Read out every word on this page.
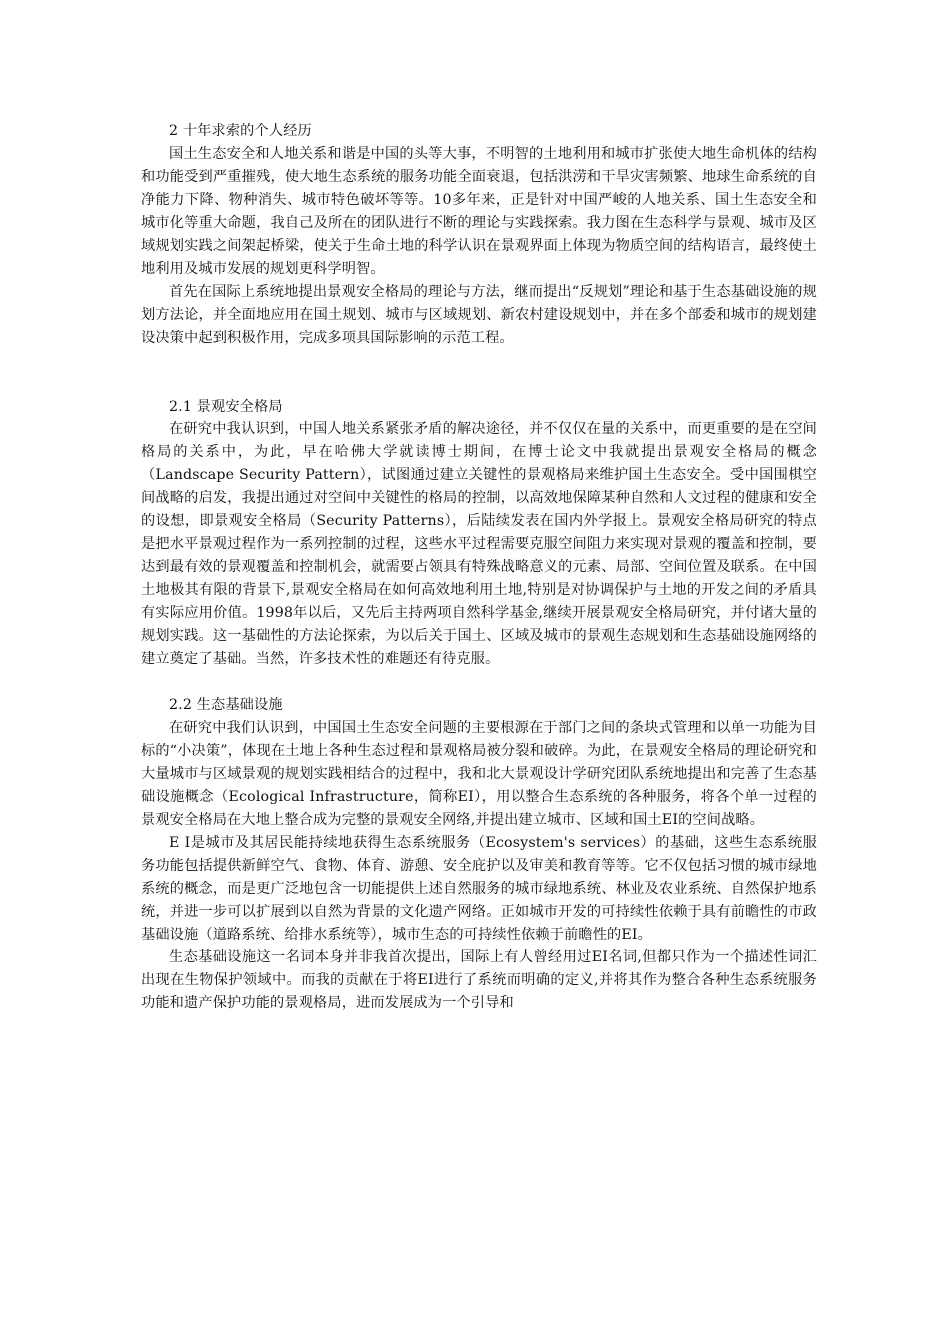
2 十年求索的个人经历

国土生态安全和人地关系和谐是中国的头等大事，不明智的土地利用和城市扩张使大地生命机体的结构和功能受到严重摧残，使大地生态系统的服务功能全面衰退，包括洪涝和干旱灾害频繁、地球生命系统的自净能力下降、物种消失、城市特色破坏等等。10多年来，正是针对中国严峻的人地关系、国土生态安全和城市化等重大命题，我自己及所在的团队进行不断的理论与实践探索。我力图在生态科学与景观、城市及区域规划实践之间架起桥梁，使关于生命土地的科学认识在景观界面上体现为物质空间的结构语言，最终使土地利用及城市发展的规划更科学明智。

首先在国际上系统地提出景观安全格局的理论与方法，继而提出“反规划”理论和基于生态基础设施的规划方法论，并全面地应用在国土规划、城市与区域规划、新农村建设规划中，并在多个部委和城市的规划建设决策中起到积极作用，完成多项具国际影响的示范工程。

2.1 景观安全格局

在研究中我认识到，中国人地关系紧张矛盾的解决途径，并不仅仅在量的关系中，而更重要的是在空间格局的关系中，为此，早在哈佛大学就读博士期间，在博士论文中我就提出景观安全格局的概念（Landscape Security Pattern），试图通过建立关键性的景观格局来维护国土生态安全。受中国围棋空间战略的启发，我提出通过对空间中关键性的格局的控制，以高效地保障某种自然和人文过程的健康和安全的设想，即景观安全格局（Security Patterns），后陆续发表在国内外学报上。景观安全格局研究的特点是把水平景观过程作为一系列控制的过程，这些水平过程需要克服空间阻力来实现对景观的覆盖和控制，要达到最有效的景观覆盖和控制机会，就需要占领具有特殊战略意义的元素、局部、空间位置及联系。在中国土地极其有限的背景下,景观安全格局在如何高效地利用土地,特别是对协调保护与土地的开发之间的矛盾具有实际应用价值。1998年以后，又先后主持两项自然科学基金,继续开展景观安全格局研究，并付诸大量的规划实践。这一基础性的方法论探索，为以后关于国土、区域及城市的景观生态规划和生态基础设施网络的建立奠定了基础。当然，许多技术性的难题还有待克服。

2.2 生态基础设施

在研究中我们认识到，中国国土生态安全问题的主要根源在于部门之间的条块式管理和以单一功能为目标的“小决策”，体现在土地上各种生态过程和景观格局被分裂和破碎。为此，在景观安全格局的理论研究和大量城市与区域景观的规划实践相结合的过程中，我和北大景观设计学研究团队系统地提出和完善了生态基础设施概念（Ecological Infrastructure，简称EI），用以整合生态系统的各种服务，将各个单一过程的景观安全格局在大地上整合成为完整的景观安全网络,并提出建立城市、区域和国土EI的空间战略。

E I是城市及其居民能持续地获得生态系统服务（Ecosystem's services）的基础，这些生态系统服务功能包括提供新鲜空气、食物、体育、游憩、安全庇护以及审美和教育等等。它不仅包括习惯的城市绿地系统的概念，而是更广泛地包含一切能提供上述自然服务的城市绿地系统、林业及农业系统、自然保护地系统，并进一步可以扩展到以自然为背景的文化遗产网络。正如城市开发的可持续性依赖于具有前瞻性的市政基础设施（道路系统、给排水系统等），城市生态的可持续性依赖于前瞻性的EI。

生态基础设施这一名词本身并非我首次提出，国际上有人曾经用过EI名词,但都只作为一个描述性词汇出现在生物保护领域中。而我的贡献在于将EI进行了系统而明确的定义,并将其作为整合各种生态系统服务功能和遗产保护功能的景观格局，进而发展成为一个引导和
